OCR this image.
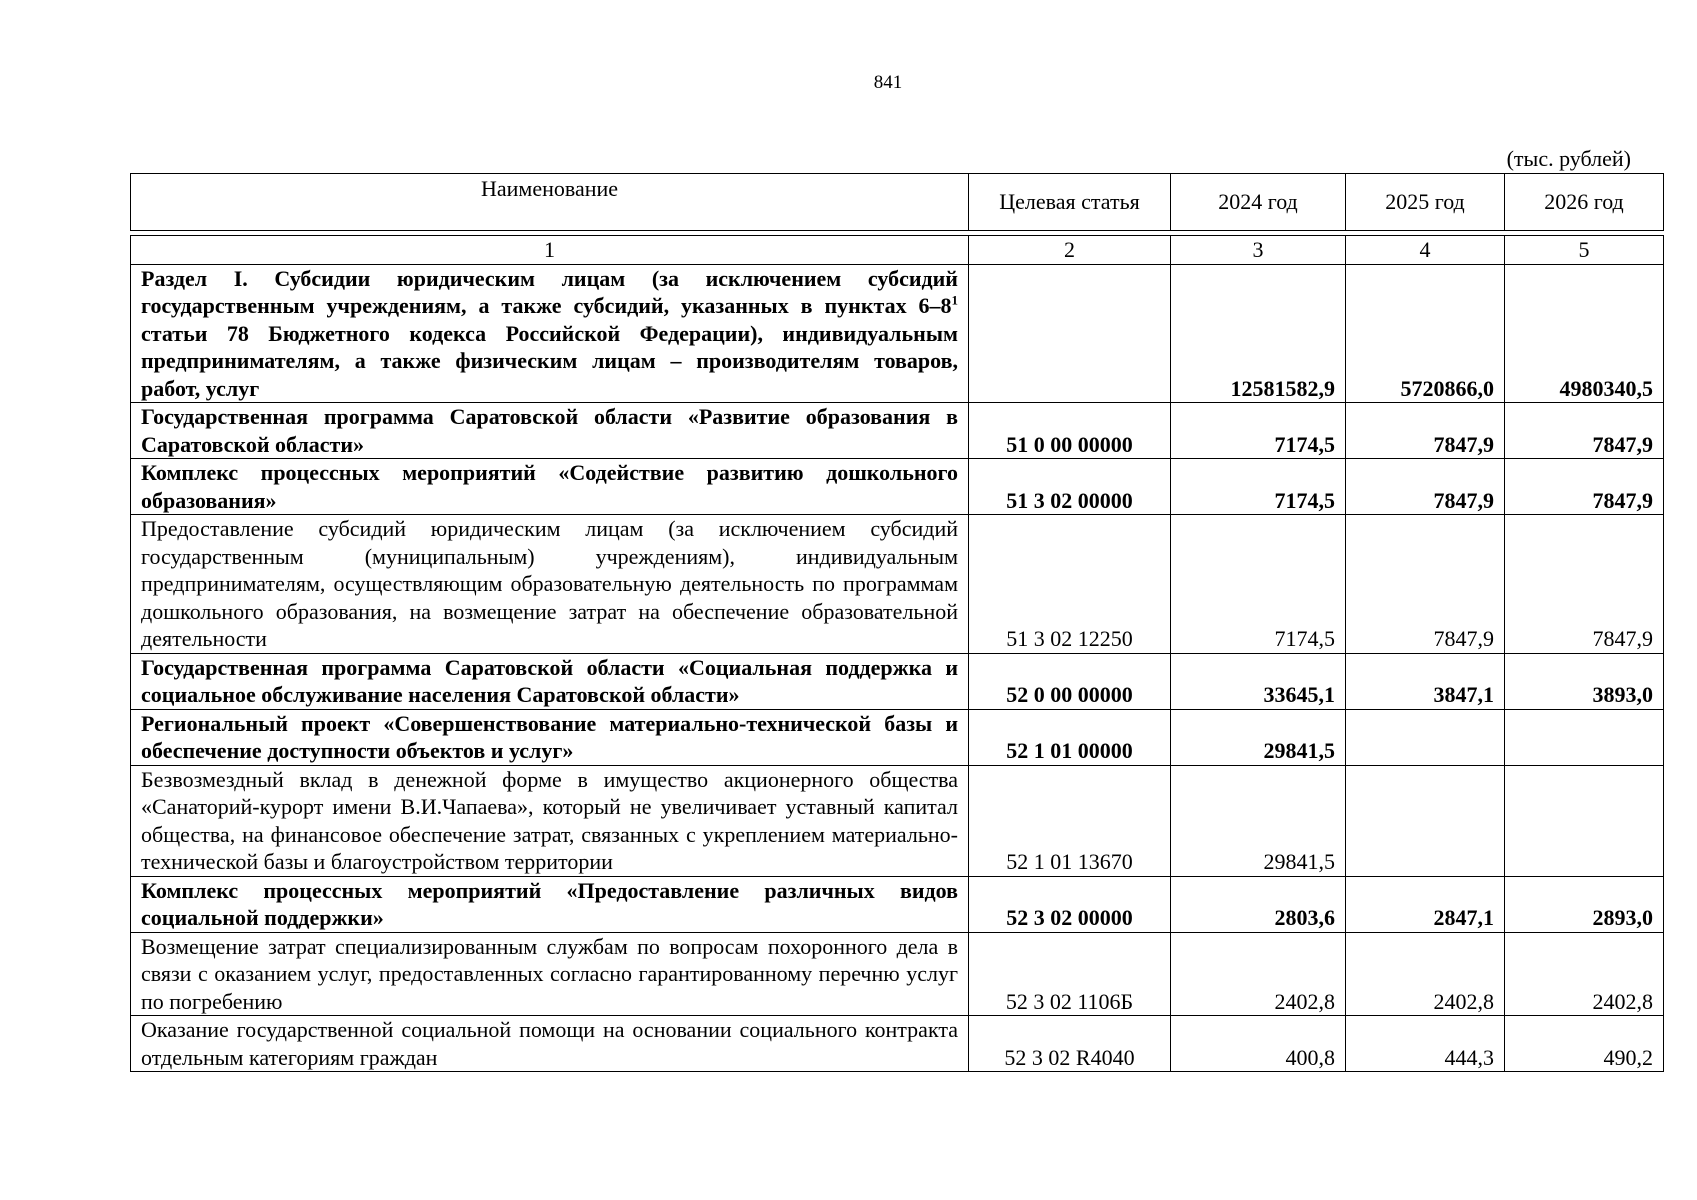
841
(тыс. рублей)
Наименование	Целевая статья	2024 год	2025 год	2026 год
1	2	3	4	5
Раздел I. Субсидии юридическим лицам (за исключением субсидий государственным учреждениям, а также субсидий, указанных в пунктах $6-8^1$ статьи 78 Бюджетного кодекса Российской Федерации), индивидуальным предпринимателям, а также физическим лицам – производителям товаров, работ, услуг		12581582,9	5720866,0	4980340,5
Государственная программа Саратовской области «Развитие образования в Саратовской области»	51 0 00 00000	7174,5	7847,9	7847,9
Комплекс процессных мероприятий «Содействие развитию дошкольного образования»	51 3 02 00000	7174,5	7847,9	7847,9
Предоставление субсидий юридическим лицам (за исключением субсидий государственным (муниципальным) учреждениям), индивидуальным предпринимателям, осуществляющим образовательную деятельность по программам дошкольного образования, на возмещение затрат на обеспечение образовательной деятельности	51 3 02 12250	7174,5	7847,9	7847,9
Государственная программа Саратовской области «Социальная поддержка и социальное обслуживание населения Саратовской области»	52 0 00 00000	33645,1	3847,1	3893,0
Региональный проект «Совершенствование материально-технической базы и обеспечение доступности объектов и услуг»	52 1 01 00000	29841,5		
Безвозмездный вклад в денежной форме в имущество акционерного общества «Санаторий-курорт имени В.И.Чапаева», который не увеличивает уставный капитал общества, на финансовое обеспечение затрат, связанных с укреплением материально-технической базы и благоустройством территории	52 1 01 13670	29841,5		
Комплекс процессных мероприятий «Предоставление различных видов социальной поддержки»	52 3 02 00000	2803,6	2847,1	2893,0
Возмещение затрат специализированным службам по вопросам похоронного дела в связи с оказанием услуг, предоставленных согласно гарантированному перечню услуг по погребению	52 3 02 1106Б	2402,8	2402,8	2402,8
Оказание государственной социальной помощи на основании социального контракта отдельным категориям граждан	52 3 02 R4040	400,8	444,3	490,2
